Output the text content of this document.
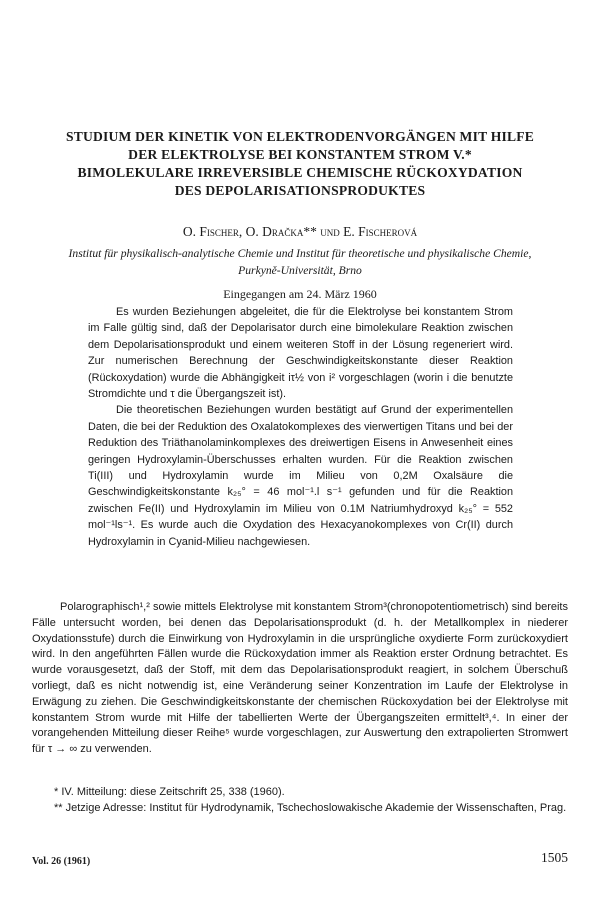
STUDIUM DER KINETIK VON ELEKTRODENVORGÄNGEN MIT HILFE
DER ELEKTROLYSE BEI KONSTANTEM STROM V.*
BIMOLEKULARE IRREVERSIBLE CHEMISCHE RÜCKOXYDATION
DES DEPOLARISATIONSPRODUKTES
O. Fischer, O. Dračka** und E. Fischerová
Institut für physikalisch-analytische Chemie und Institut für theoretische und physikalische Chemie,
Purkyně-Universität, Brno
Eingegangen am 24. März 1960

Es wurden Beziehungen abgeleitet, die für die Elektrolyse bei konstantem Strom im Falle gültig sind, daß der Depolarisator durch eine bimolekulare Reaktion zwischen dem Depolarisationsprodukt und einem weiteren Stoff in der Lösung regeneriert wird. Zur numerischen Berechnung der Geschwindigkeitskonstante dieser Reaktion (Rückoxydation) wurde die Abhängigkeit iτ½ von i² vorgeschlagen (worin i die benutzte Stromdichte und τ die Übergangszeit ist).

Die theoretischen Beziehungen wurden bestätigt auf Grund der experimentellen Daten, die bei der Reduktion des Oxalatokomplexes des vierwertigen Titans und bei der Reduktion des Triäthanolaminkomplexes des dreiwertigen Eisens in Anwesenheit eines geringen Hydroxylamin-Überschusses erhalten wurden. Für die Reaktion zwischen Ti(III) und Hydroxylamin wurde im Milieu von 0,2M Oxalsäure die Geschwindigkeitskonstante k₂₅° = 46 mol⁻¹.l s⁻¹ gefunden und für die Reaktion zwischen Fe(II) und Hydroxylamin im Milieu von 0.1M Natriumhydroxyd k₂₅° = 552 mol⁻¹ls⁻¹. Es wurde auch die Oxydation des Hexacyanokomplexes von Cr(II) durch Hydroxylamin in Cyanid-Milieu nachgewiesen.

Polarographisch¹,² sowie mittels Elektrolyse mit konstantem Strom³(chronopotentiometrisch) sind bereits Fälle untersucht worden, bei denen das Depolarisationsprodukt (d. h. der Metallkomplex in niederer Oxydationsstufe) durch die Einwirkung von Hydroxylamin in die ursprüngliche oxydierte Form zurückoxydiert wird. In den angeführten Fällen wurde die Rückoxydation immer als Reaktion erster Ordnung betrachtet. Es wurde vorausgesetzt, daß der Stoff, mit dem das Depolarisationsprodukt reagiert, in solchem Überschuß vorliegt, daß es nicht notwendig ist, eine Veränderung seiner Konzentration im Laufe der Elektrolyse in Erwägung zu ziehen. Die Geschwindigkeitskonstante der chemischen Rückoxydation bei der Elektrolyse mit konstantem Strom wurde mit Hilfe der tabellierten Werte der Übergangszeiten ermittelt³,⁴. In einer der vorangehenden Mitteilung dieser Reihe⁵ wurde vorgeschlagen, zur Auswertung den extrapolierten Stromwert für τ → ∞ zu verwenden.

* IV. Mitteilung: diese Zeitschrift 25, 338 (1960).

** Jetzige Adresse: Institut für Hydrodynamik, Tschechoslowakische Akademie der Wissenschaften, Prag.

Vol. 26 (1961)	1505
